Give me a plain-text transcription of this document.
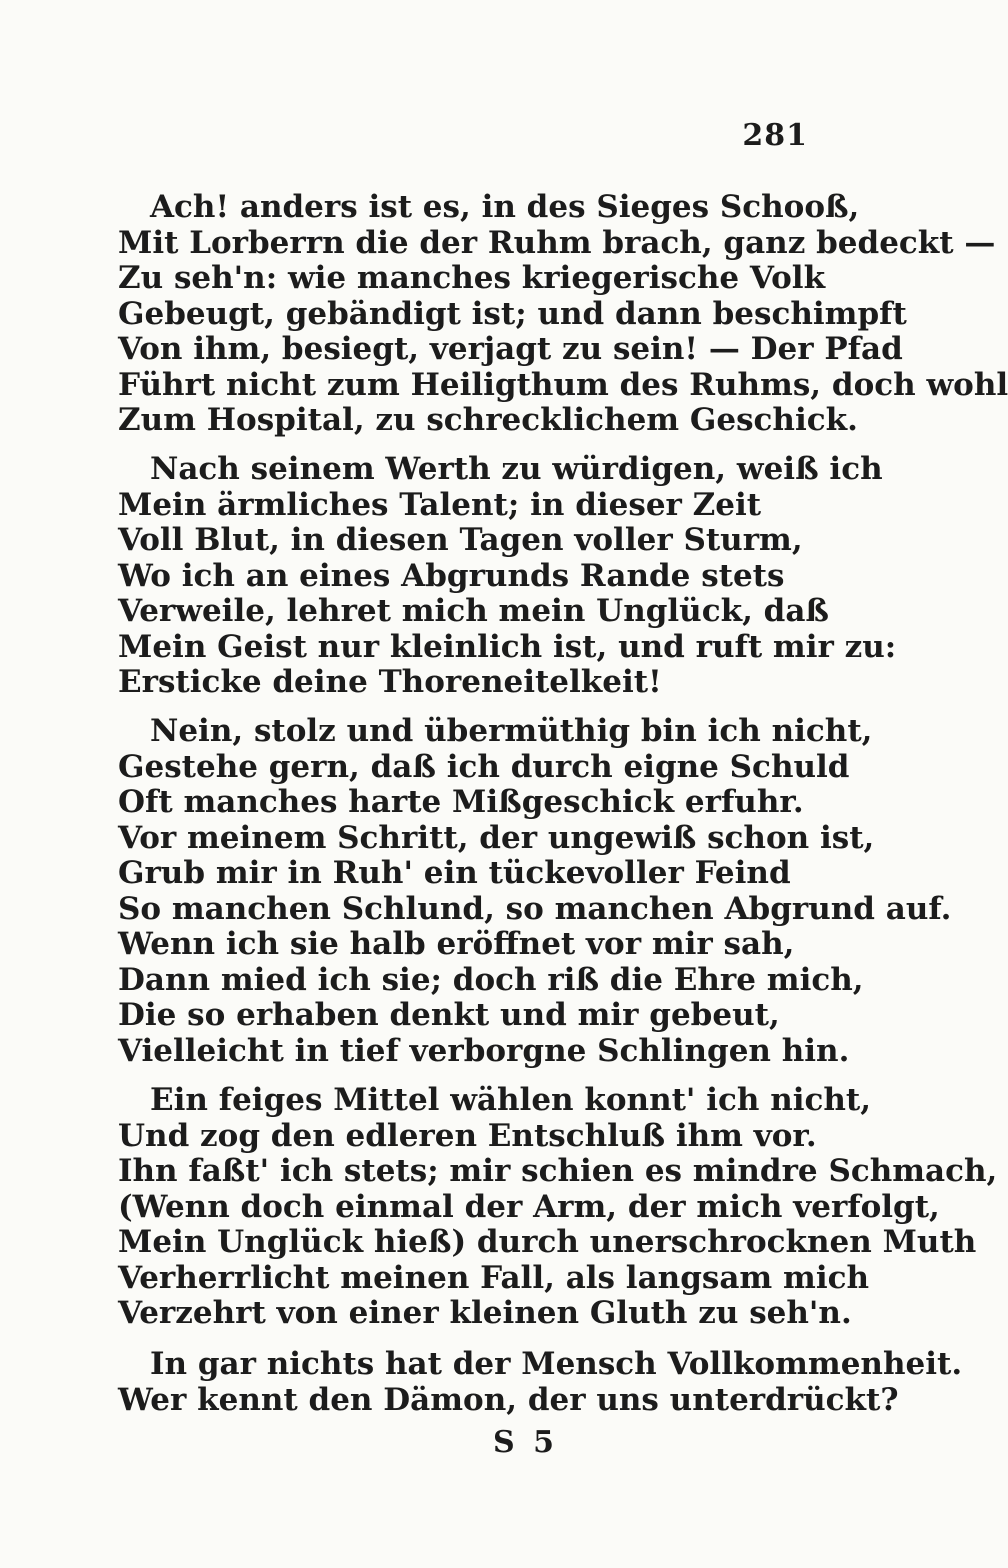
281
Ach! anders ist es, in des Sieges Schooß,
Mit Lorberrn die der Ruhm brach, ganz bedeckt —
Zu seh'n: wie manches kriegerische Volk
Gebeugt, gebändigt ist; und dann beschimpft
Von ihm, besiegt, verjagt zu sein! — Der Pfad
Führt nicht zum Heiligthum des Ruhms, doch wohl
Zum Hospital, zu schrecklichem Geschick.
Nach seinem Werth zu würdigen, weiß ich
Mein ärmliches Talent; in dieser Zeit
Voll Blut, in diesen Tagen voller Sturm,
Wo ich an eines Abgrunds Rande stets
Verweile, lehret mich mein Unglück, daß
Mein Geist nur kleinlich ist, und ruft mir zu:
Ersticke deine Thoreneitelkeit!
Nein, stolz und übermüthig bin ich nicht,
Gestehe gern, daß ich durch eigne Schuld
Oft manches harte Mißgeschick erfuhr.
Vor meinem Schritt, der ungewiß schon ist,
Grub mir in Ruh' ein tückevoller Feind
So manchen Schlund, so manchen Abgrund auf.
Wenn ich sie halb eröffnet vor mir sah,
Dann mied ich sie; doch riß die Ehre mich,
Die so erhaben denkt und mir gebeut,
Vielleicht in tief verborgne Schlingen hin.
Ein feiges Mittel wählen konnt' ich nicht,
Und zog den edleren Entschluß ihm vor.
Ihn faßt' ich stets; mir schien es mindre Schmach,
(Wenn doch einmal der Arm, der mich verfolgt,
Mein Unglück hieß) durch unerschrocknen Muth
Verherrlicht meinen Fall, als langsam mich
Verzehrt von einer kleinen Gluth zu seh'n.
In gar nichts hat der Mensch Vollkommenheit.
Wer kennt den Dämon, der uns unterdrückt?
S 5
